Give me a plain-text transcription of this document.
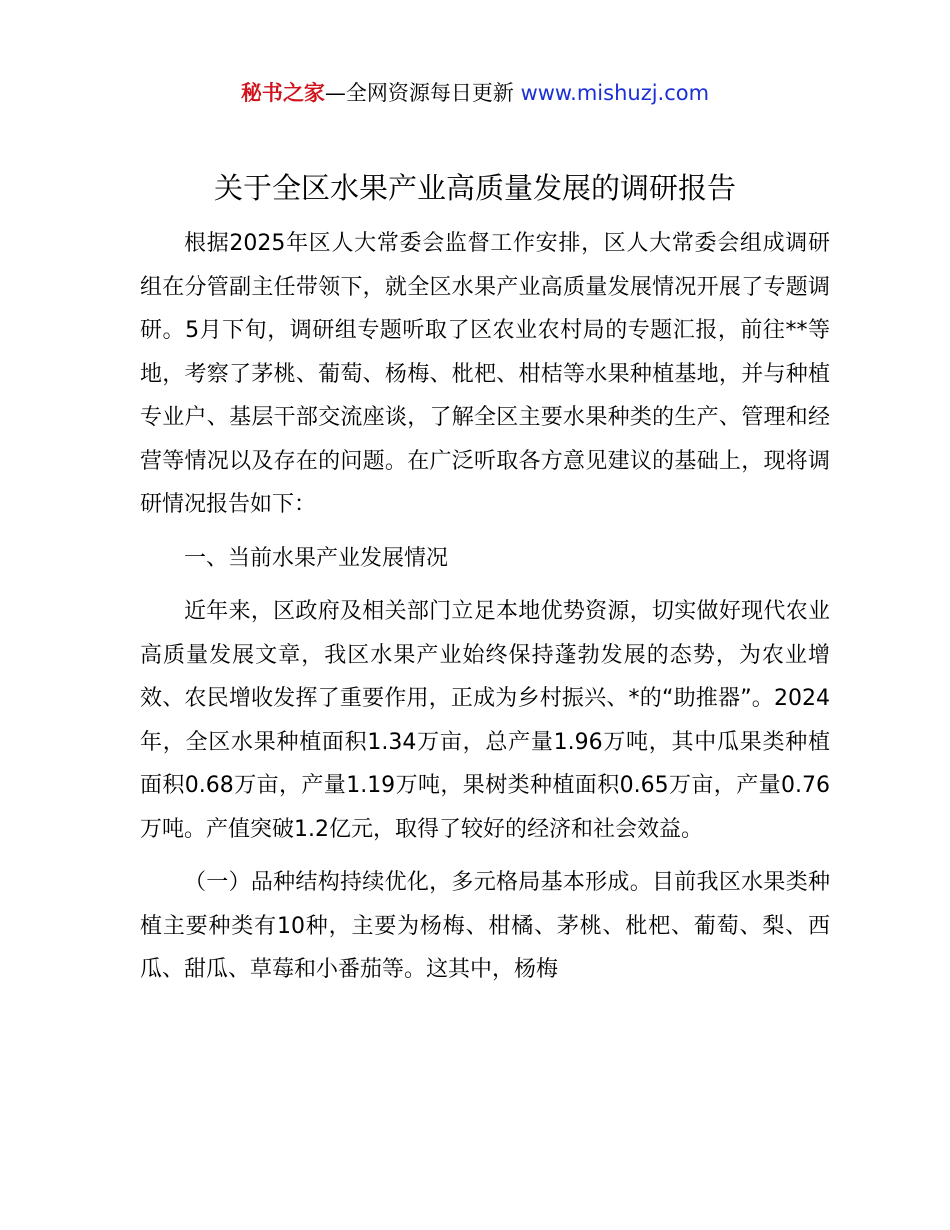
秘书之家—全网资源每日更新 www.mishuzj.com
关于全区水果产业高质量发展的调研报告

根据2025年区人大常委会监督工作安排，区人大常委会组成调研组在分管副主任带领下，就全区水果产业高质量发展情况开展了专题调研。5月下旬，调研组专题听取了区农业农村局的专题汇报，前往**等地，考察了茅桃、葡萄、杨梅、枇杷、柑桔等水果种植基地，并与种植专业户、基层干部交流座谈，了解全区主要水果种类的生产、管理和经营等情况以及存在的问题。在广泛听取各方意见建议的基础上，现将调研情况报告如下：

一、当前水果产业发展情况

近年来，区政府及相关部门立足本地优势资源，切实做好现代农业高质量发展文章，我区水果产业始终保持蓬勃发展的态势，为农业增效、农民增收发挥了重要作用，正成为乡村振兴、*的“助推器”。2024年，全区水果种植面积1.34万亩，总产量1.96万吨，其中瓜果类种植面积0.68万亩，产量1.19万吨，果树类种植面积0.65万亩，产量0.76万吨。产值突破1.2亿元，取得了较好的经济和社会效益。

（一）品种结构持续优化，多元格局基本形成。目前我区水果类种植主要种类有10种，主要为杨梅、柑橘、茅桃、枇杷、葡萄、梨、西瓜、甜瓜、草莓和小番茄等。这其中，杨梅
